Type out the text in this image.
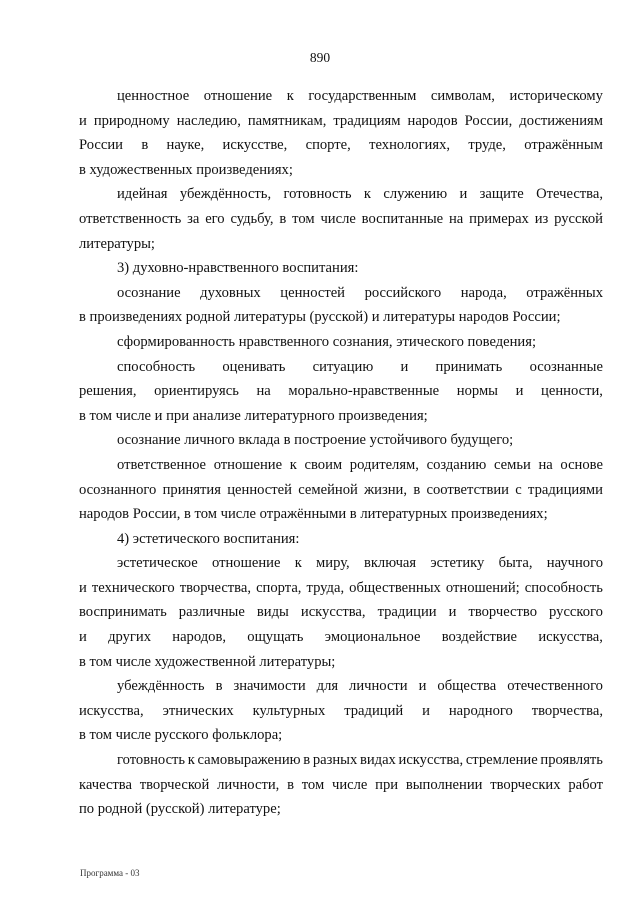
890
ценностное отношение к государственным символам, историческому
и природному наследию, памятникам, традициям народов России, достижениям
России в науке, искусстве, спорте, технологиях, труде, отражённым
в художественных произведениях;
идейная убеждённость, готовность к служению и защите Отечества,
ответственность за его судьбу, в том числе воспитанные на примерах из русской
литературы;
3) духовно-нравственного воспитания:
осознание духовных ценностей российского народа, отражённых
в произведениях родной литературы (русской) и литературы народов России;
сформированность нравственного сознания, этического поведения;
способность оценивать ситуацию и принимать осознанные
решения, ориентируясь на морально-нравственные нормы и ценности,
в том числе и при анализе литературного произведения;
осознание личного вклада в построение устойчивого будущего;
ответственное отношение к своим родителям, созданию семьи на основе
осознанного принятия ценностей семейной жизни, в соответствии с традициями
народов России, в том числе отражёнными в литературных произведениях;
4) эстетического воспитания:
эстетическое отношение к миру, включая эстетику быта, научного
и технического творчества, спорта, труда, общественных отношений; способность
воспринимать различные виды искусства, традиции и творчество русского
и других народов, ощущать эмоциональное воздействие искусства,
в том числе художественной литературы;
убеждённость в значимости для личности и общества отечественного
искусства, этнических культурных традиций и народного творчества,
в том числе русского фольклора;
готовность к самовыражению в разных видах искусства, стремление проявлять
качества творческой личности, в том числе при выполнении творческих работ
по родной (русской) литературе;
Программа - 03
